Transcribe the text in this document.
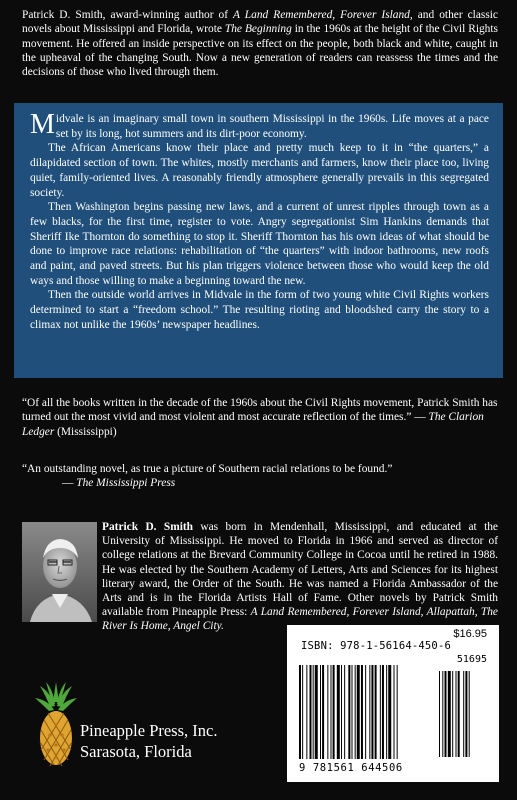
Patrick D. Smith, award-winning author of A Land Remembered, Forever Island, and other classic novels about Mississippi and Florida, wrote The Beginning in the 1960s at the height of the Civil Rights movement. He offered an inside perspective on its effect on the people, both black and white, caught in the upheaval of the changing South. Now a new generation of readers can reassess the times and the decisions of those who lived through them.

Midvale is an imaginary small town in southern Mississippi in the 1960s. Life moves at a pace set by its long, hot summers and its dirt-poor economy.

The African Americans know their place and pretty much keep to it in “the quarters,” a dilapidated section of town. The whites, mostly merchants and farmers, know their place too, living quiet, family-oriented lives. A reasonably friendly atmosphere generally prevails in this segregated society.

Then Washington begins passing new laws, and a current of unrest ripples through town as a few blacks, for the first time, register to vote. Angry segregationist Sim Hankins demands that Sheriff Ike Thornton do something to stop it. Sheriff Thornton has his own ideas of what should be done to improve race relations: rehabilitation of “the quarters” with indoor bathrooms, new roofs and paint, and paved streets. But his plan triggers violence between those who would keep the old ways and those willing to make a beginning toward the new.

Then the outside world arrives in Midvale in the form of two young white Civil Rights workers determined to start a “freedom school.” The resulting rioting and bloodshed carry the story to a climax not unlike the 1960s’ newspaper headlines.

“Of all the books written in the decade of the 1960s about the Civil Rights movement, Patrick Smith has turned out the most vivid and most violent and most accurate reflection of the times.” — The Clarion Ledger (Mississippi)
“An outstanding novel, as true a picture of Southern racial relations to be found.”
— The Mississippi Press
Patrick D. Smith was born in Mendenhall, Mississippi, and educated at the University of Mississippi. He moved to Florida in 1966 and served as director of college relations at the Brevard Community College in Cocoa until he retired in 1988. He was elected by the Southern Academy of Letters, Arts and Sciences for its highest literary award, the Order of the South. He was named a Florida Ambassador of the Arts and is in the Florida Artists Hall of Fame. Other novels by Patrick Smith available from Pineapple Press: A Land Remembered, Forever Island, Allapattah, The River Is Home, Angel City.
Pineapple Press, Inc.
Sarasota, Florida
$16.95
ISBN: 978-1-56164-450-6
51695
9 781561 644506
